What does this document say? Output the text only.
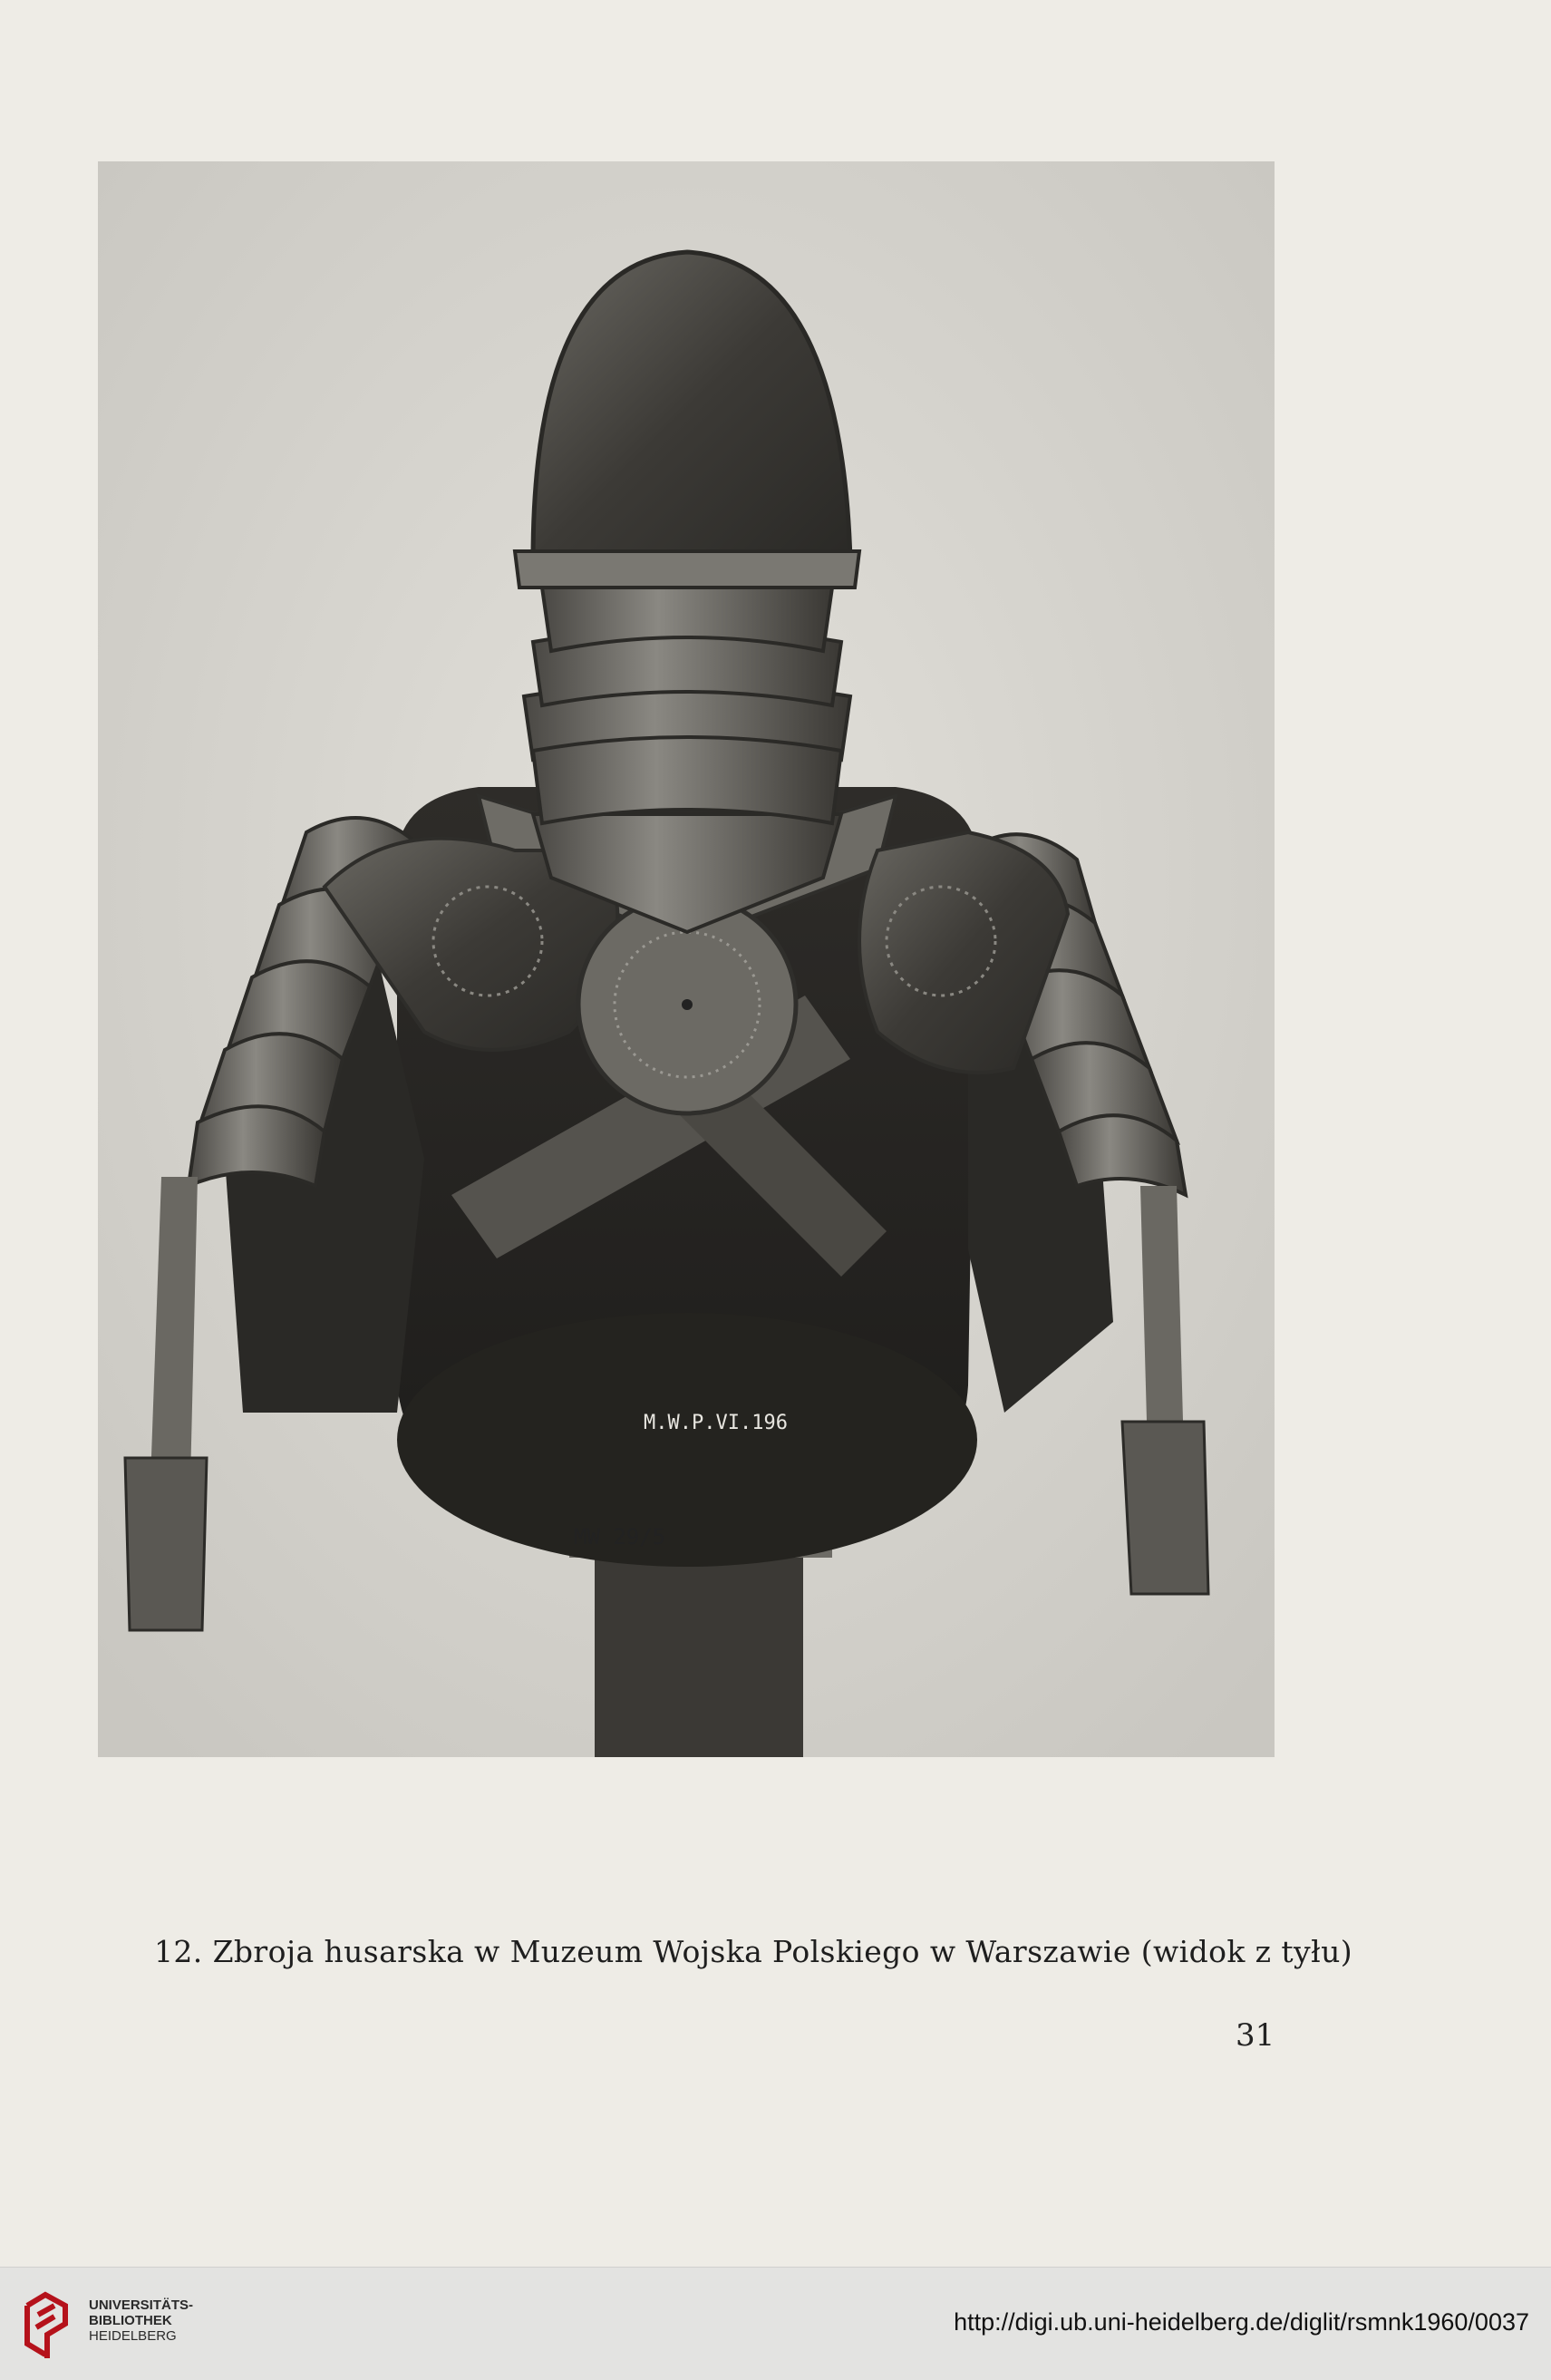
M.W.P.VI.196
MW 29/5
12. Zbroja husarska w Muzeum Wojska Polskiego w Warszawie (widok z tyłu)
31
UNIVERSITÄTS-
BIBLIOTHEK
HEIDELBERG
http://digi.ub.uni-heidelberg.de/diglit/rsmnk1960/0037
